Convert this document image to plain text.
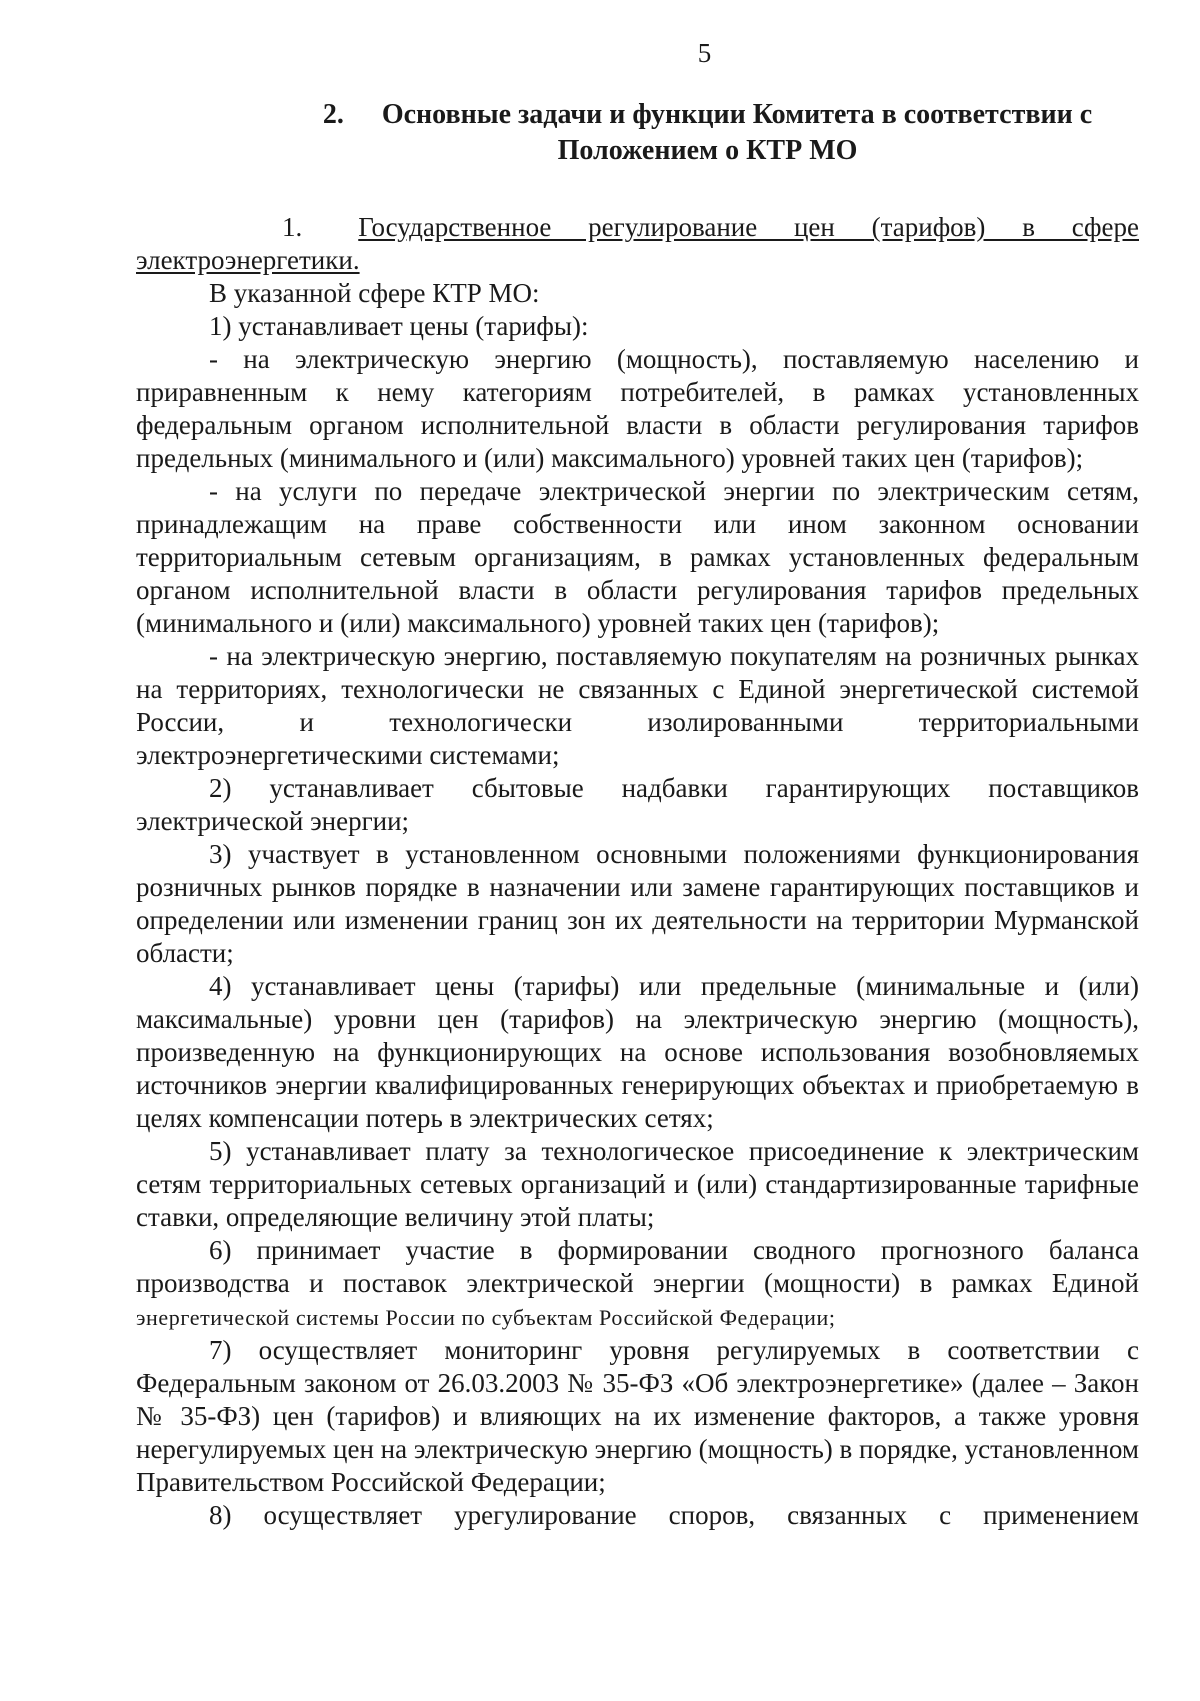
5
2. Основные задачи и функции Комитета в соответствии с
Положением о КТР МО

1. Государственное регулирование цен (тарифов) в сфере электроэнергетики.

В указанной сфере КТР МО:

1) устанавливает цены (тарифы):

- на электрическую энергию (мощность), поставляемую населению и приравненным к нему категориям потребителей, в рамках установленных федеральным органом исполнительной власти в области регулирования тарифов предельных (минимального и (или) максимального) уровней таких цен (тарифов);

- на услуги по передаче электрической энергии по электрическим сетям, принадлежащим на праве собственности или ином законном основании территориальным сетевым организациям, в рамках установленных федеральным органом исполнительной власти в области регулирования тарифов предельных (минимального и (или) максимального) уровней таких цен (тарифов);

- на электрическую энергию, поставляемую покупателям на розничных рынках на территориях, технологически не связанных с Единой энергетической системой России, и технологически изолированными территориальными электроэнергетическими системами;

2) устанавливает сбытовые надбавки гарантирующих поставщиков электрической энергии;

3) участвует в установленном основными положениями функционирования розничных рынков порядке в назначении или замене гарантирующих поставщиков и определении или изменении границ зон их деятельности на территории Мурманской области;

4) устанавливает цены (тарифы) или предельные (минимальные и (или) максимальные) уровни цен (тарифов) на электрическую энергию (мощность), произведенную на функционирующих на основе использования возобновляемых источников энергии квалифицированных генерирующих объектах и приобретаемую в целях компенсации потерь в электрических сетях;

5) устанавливает плату за технологическое присоединение к электрическим сетям территориальных сетевых организаций и (или) стандартизированные тарифные ставки, определяющие величину этой платы;

6) принимает участие в формировании сводного прогнозного баланса производства и поставок электрической энергии (мощности) в рамках Единой энергетической системы России по субъектам Российской Федерации;

7) осуществляет мониторинг уровня регулируемых в соответствии с Федеральным законом от 26.03.2003 № 35-ФЗ «Об электроэнергетике» (далее – Закон № 35-ФЗ) цен (тарифов) и влияющих на их изменение факторов, а также уровня нерегулируемых цен на электрическую энергию (мощность) в порядке, установленном Правительством Российской Федерации;

8) осуществляет урегулирование споров, связанных с применением
